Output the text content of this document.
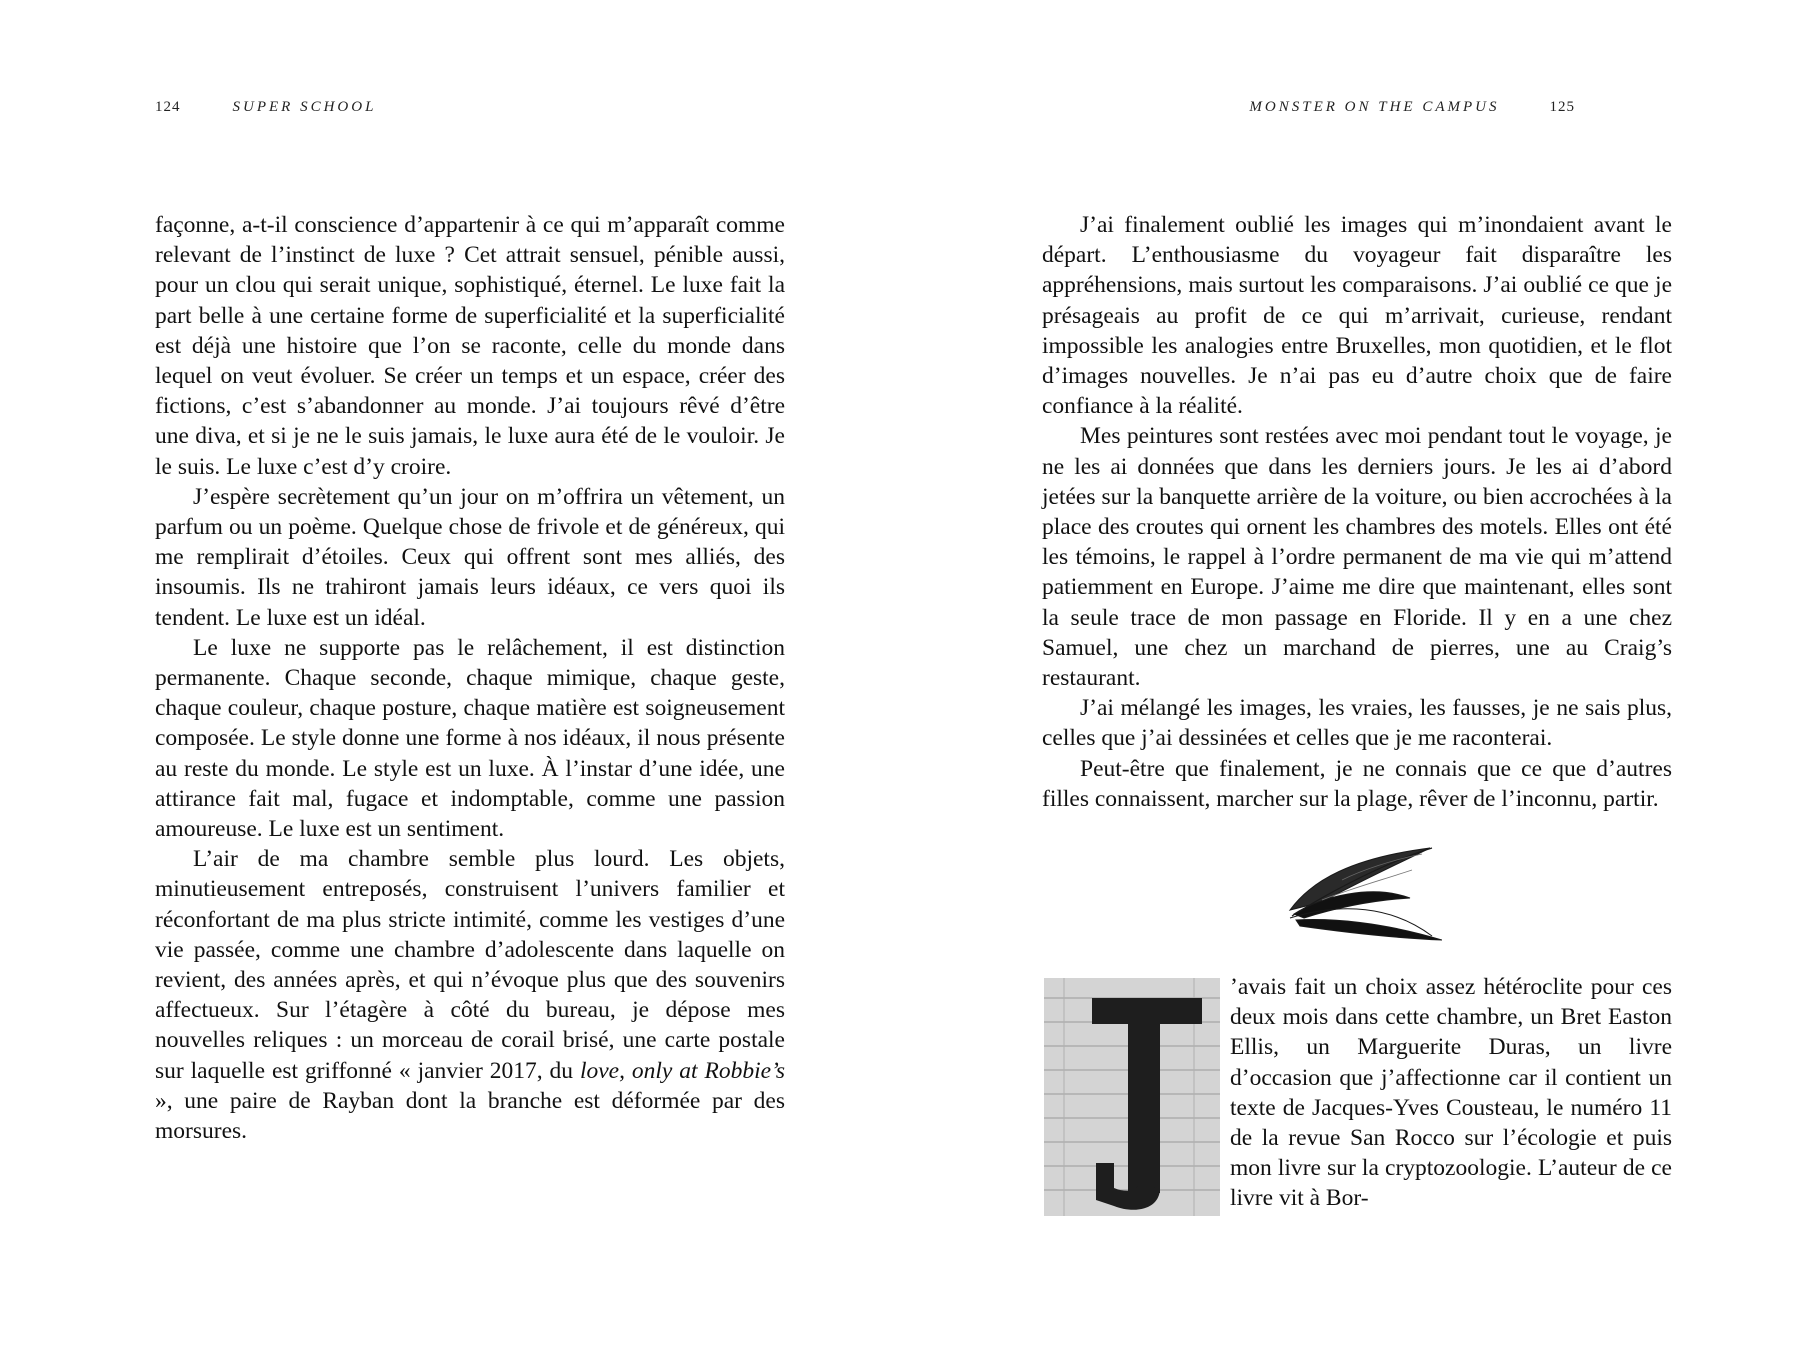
124	SUPER SCHOOL

façonne, a-t-il conscience d’appartenir à ce qui m’apparaît comme relevant de l’instinct de luxe ? Cet attrait sensuel, pénible aussi, pour un clou qui serait unique, sophistiqué, éternel. Le luxe fait la part belle à une certaine forme de superficialité et la superficialité est déjà une histoire que l’on se raconte, celle du monde dans lequel on veut évoluer. Se créer un temps et un espace, créer des fictions, c’est s’abandonner au monde. J’ai toujours rêvé d’être une diva, et si je ne le suis jamais, le luxe aura été de le vouloir. Je le suis. Le luxe c’est d’y croire.

J’espère secrètement qu’un jour on m’offrira un vêtement, un parfum ou un poème. Quelque chose de frivole et de généreux, qui me remplirait d’étoiles. Ceux qui offrent sont mes alliés, des insoumis. Ils ne trahiront jamais leurs idéaux, ce vers quoi ils tendent. Le luxe est un idéal.

Le luxe ne supporte pas le relâchement, il est distinction permanente. Chaque seconde, chaque mimique, chaque geste, chaque couleur, chaque posture, chaque matière est soigneusement composée. Le style donne une forme à nos idéaux, il nous présente au reste du monde. Le style est un luxe. À l’instar d’une idée, une attirance fait mal, fugace et indomptable, comme une passion amoureuse. Le luxe est un sentiment.

L’air de ma chambre semble plus lourd. Les objets, minutieusement entreposés, construisent l’univers familier et réconfortant de ma plus stricte intimité, comme les vestiges d’une vie passée, comme une chambre d’adolescente dans laquelle on revient, des années après, et qui n’évoque plus que des souvenirs affectueux. Sur l’étagère à côté du bureau, je dépose mes nouvelles reliques : un morceau de corail brisé, une carte postale sur laquelle est griffonné « janvier 2017, du love, only at Robbie’s », une paire de Rayban dont la branche est déformée par des morsures.

MONSTER ON THE CAMPUS	125

J’ai finalement oublié les images qui m’inondaient avant le départ. L’enthousiasme du voyageur fait disparaître les appréhensions, mais surtout les comparaisons. J’ai oublié ce que je présageais au profit de ce qui m’arrivait, curieuse, rendant impossible les analogies entre Bruxelles, mon quotidien, et le flot d’images nouvelles. Je n’ai pas eu d’autre choix que de faire confiance à la réalité.

Mes peintures sont restées avec moi pendant tout le voyage, je ne les ai données que dans les derniers jours. Je les ai d’abord jetées sur la banquette arrière de la voiture, ou bien accrochées à la place des croutes qui ornent les chambres des motels. Elles ont été les témoins, le rappel à l’ordre permanent de ma vie qui m’attend patiemment en Europe. J’aime me dire que maintenant, elles sont la seule trace de mon passage en Floride. Il y en a une chez Samuel, une chez un marchand de pierres, une au Craig’s restaurant.

J’ai mélangé les images, les vraies, les fausses, je ne sais plus, celles que j’ai dessinées et celles que je me raconterai.

Peut-être que finalement, je ne connais que ce que d’autres filles connaissent, marcher sur la plage, rêver de l’inconnu, partir.

’avais fait un choix assez hétéroclite pour ces deux mois dans cette chambre, un Bret Easton Ellis, un Marguerite Duras, un livre d’occasion que j’affectionne car il contient un texte de Jacques-Yves Cousteau, le numéro 11 de la revue San Rocco sur l’écologie et puis mon livre sur la cryptozoologie. L’auteur de ce livre vit à Bor-
